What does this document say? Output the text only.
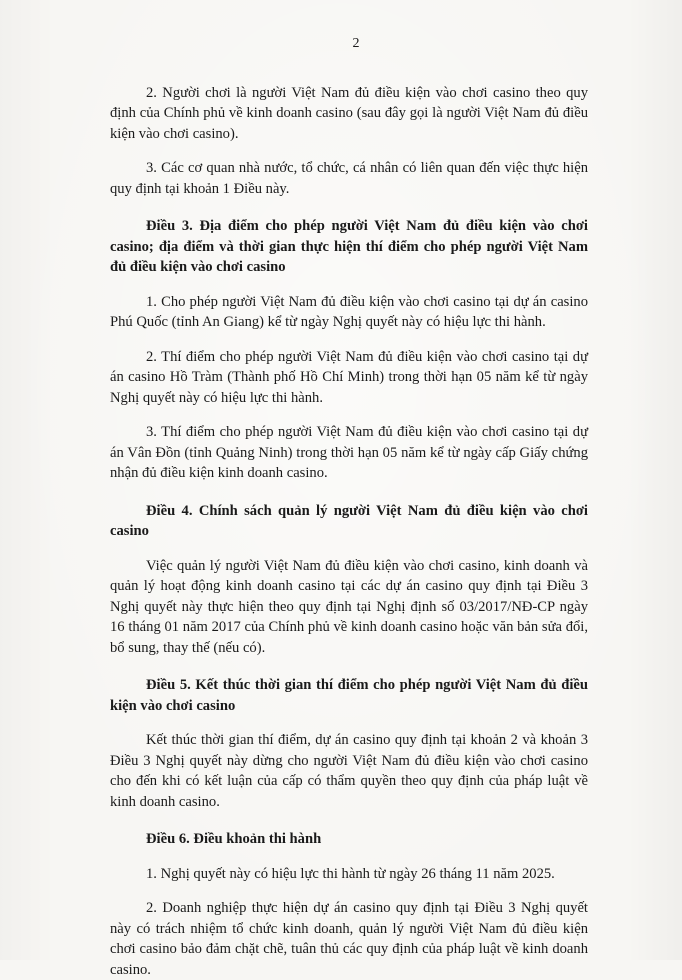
2

2. Người chơi là người Việt Nam đủ điều kiện vào chơi casino theo quy định của Chính phủ về kinh doanh casino (sau đây gọi là người Việt Nam đủ điều kiện vào chơi casino).

3. Các cơ quan nhà nước, tổ chức, cá nhân có liên quan đến việc thực hiện quy định tại khoản 1 Điều này.

Điều 3. Địa điểm cho phép người Việt Nam đủ điều kiện vào chơi casino; địa điểm và thời gian thực hiện thí điểm cho phép người Việt Nam đủ điều kiện vào chơi casino

1. Cho phép người Việt Nam đủ điều kiện vào chơi casino tại dự án casino Phú Quốc (tỉnh An Giang) kể từ ngày Nghị quyết này có hiệu lực thi hành.

2. Thí điểm cho phép người Việt Nam đủ điều kiện vào chơi casino tại dự án casino Hồ Tràm (Thành phố Hồ Chí Minh) trong thời hạn 05 năm kể từ ngày Nghị quyết này có hiệu lực thi hành.

3. Thí điểm cho phép người Việt Nam đủ điều kiện vào chơi casino tại dự án Vân Đồn (tỉnh Quảng Ninh) trong thời hạn 05 năm kể từ ngày cấp Giấy chứng nhận đủ điều kiện kinh doanh casino.

Điều 4. Chính sách quản lý người Việt Nam đủ điều kiện vào chơi casino

Việc quản lý người Việt Nam đủ điều kiện vào chơi casino, kinh doanh và quản lý hoạt động kinh doanh casino tại các dự án casino quy định tại Điều 3 Nghị quyết này thực hiện theo quy định tại Nghị định số 03/2017/NĐ-CP ngày 16 tháng 01 năm 2017 của Chính phủ về kinh doanh casino hoặc văn bản sửa đổi, bổ sung, thay thế (nếu có).

Điều 5. Kết thúc thời gian thí điểm cho phép người Việt Nam đủ điều kiện vào chơi casino

Kết thúc thời gian thí điểm, dự án casino quy định tại khoản 2 và khoản 3 Điều 3 Nghị quyết này dừng cho người Việt Nam đủ điều kiện vào chơi casino cho đến khi có kết luận của cấp có thẩm quyền theo quy định của pháp luật về kinh doanh casino.

Điều 6. Điều khoản thi hành

1. Nghị quyết này có hiệu lực thi hành từ ngày 26 tháng 11 năm 2025.

2. Doanh nghiệp thực hiện dự án casino quy định tại Điều 3 Nghị quyết này có trách nhiệm tổ chức kinh doanh, quản lý người Việt Nam đủ điều kiện chơi casino bảo đảm chặt chẽ, tuân thủ các quy định của pháp luật về kinh doanh casino.
